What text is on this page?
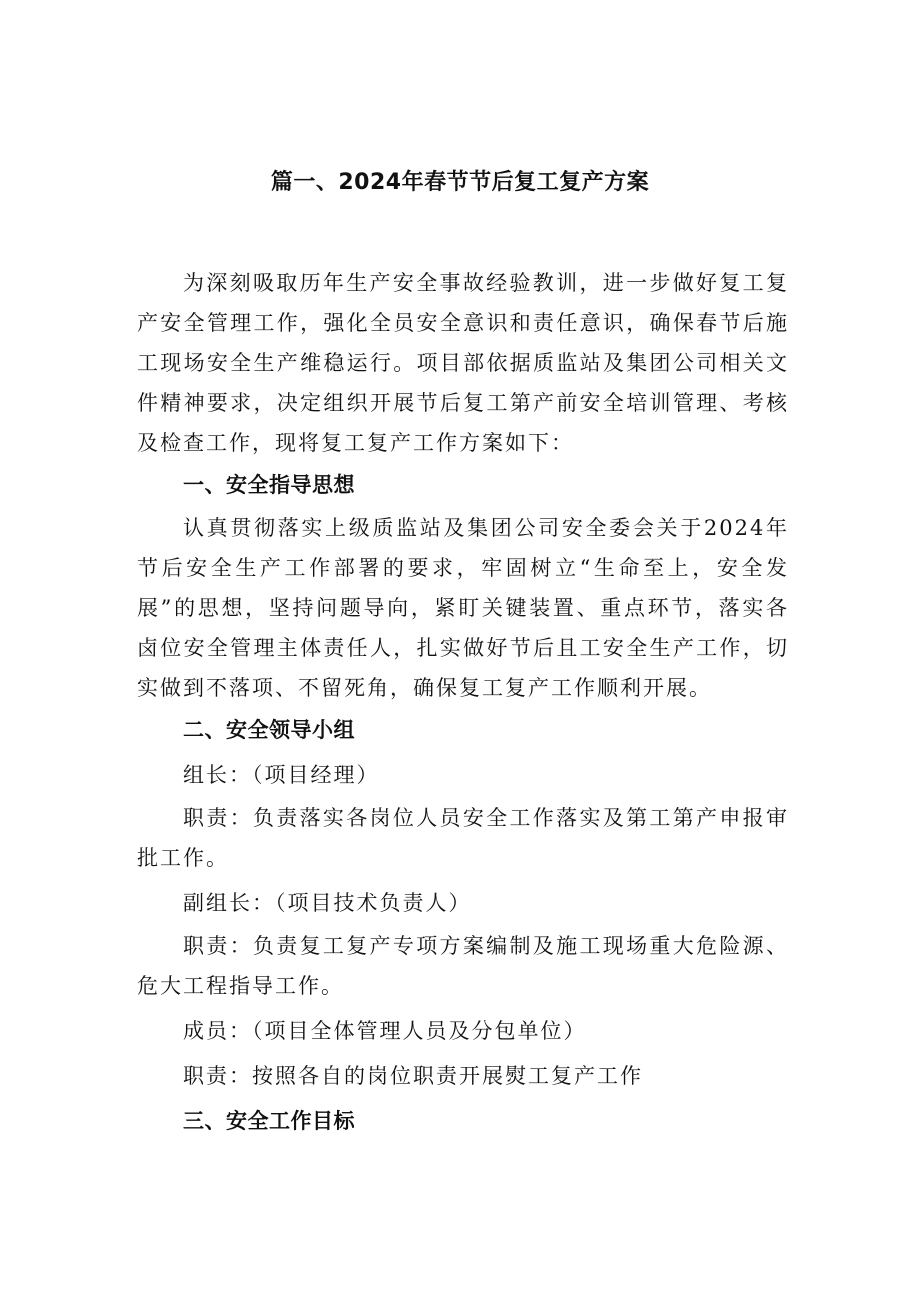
篇一、2024年春节节后复工复产方案

为深刻吸取历年生产安全事故经验教训，进一步做好复工复产安全管理工作，强化全员安全意识和责任意识，确保春节后施工现场安全生产维稳运行。项目部依据质监站及集团公司相关文件精神要求，决定组织开展节后复工第产前安全培训管理、考核及检查工作，现将复工复产工作方案如下：

一、安全指导思想

认真贯彻落实上级质监站及集团公司安全委会关于2024年节后安全生产工作部署的要求，牢固树立“生命至上，安全发展”的思想，坚持问题导向，紧盯关键装置、重点环节，落实各卤位安全管理主体责任人，扎实做好节后且工安全生产工作，切实做到不落项、不留死角，确保复工复产工作顺利开展。

二、安全领导小组

组长：（项目经理）

职责：负责落实各岗位人员安全工作落实及第工第产申报审批工作。

副组长：（项目技术负责人）

职责：负责复工复产专项方案编制及施工现场重大危险源、危大工程指导工作。

成员：（项目全体管理人员及分包单位）

职责：按照各自的岗位职责开展熨工复产工作

三、安全工作目标
